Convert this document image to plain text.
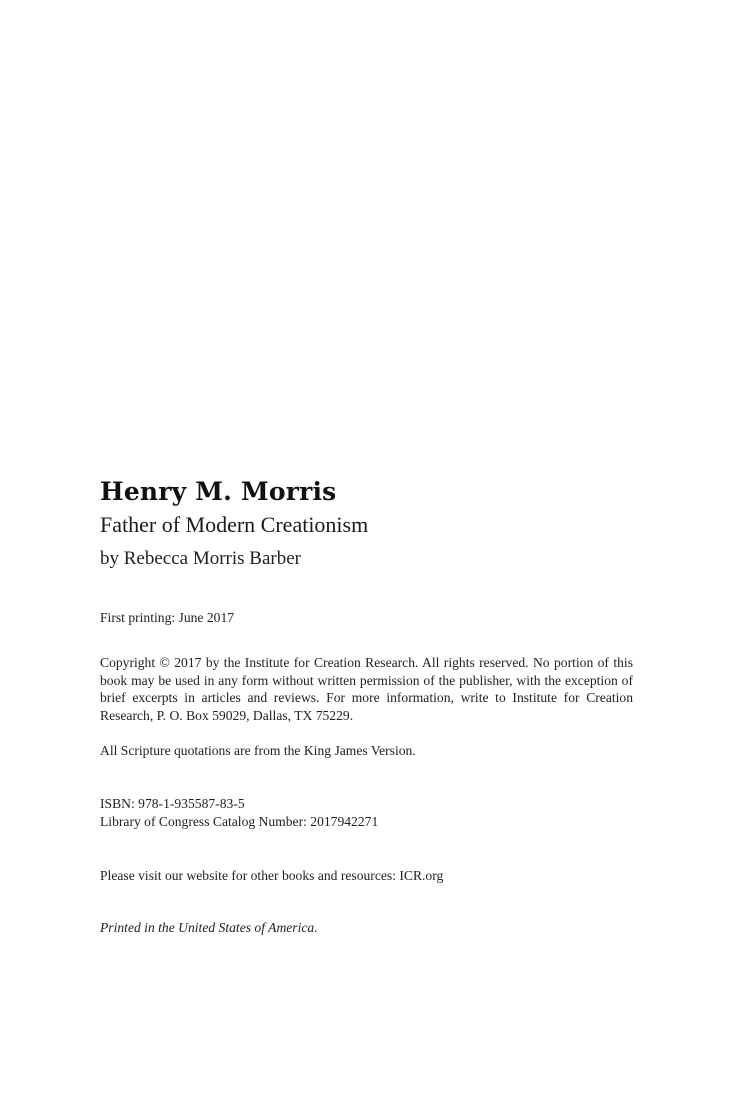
Henry M. Morris
Father of Modern Creationism
by Rebecca Morris Barber
First printing: June 2017
Copyright © 2017 by the Institute for Creation Research. All rights reserved. No portion of this book may be used in any form without written permission of the publisher, with the exception of brief excerpts in articles and reviews. For more information, write to Institute for Creation Research, P. O. Box 59029, Dallas, TX 75229.
All Scripture quotations are from the King James Version.
ISBN: 978-1-935587-83-5
Library of Congress Catalog Number: 2017942271
Please visit our website for other books and resources: ICR.org
Printed in the United States of America.
